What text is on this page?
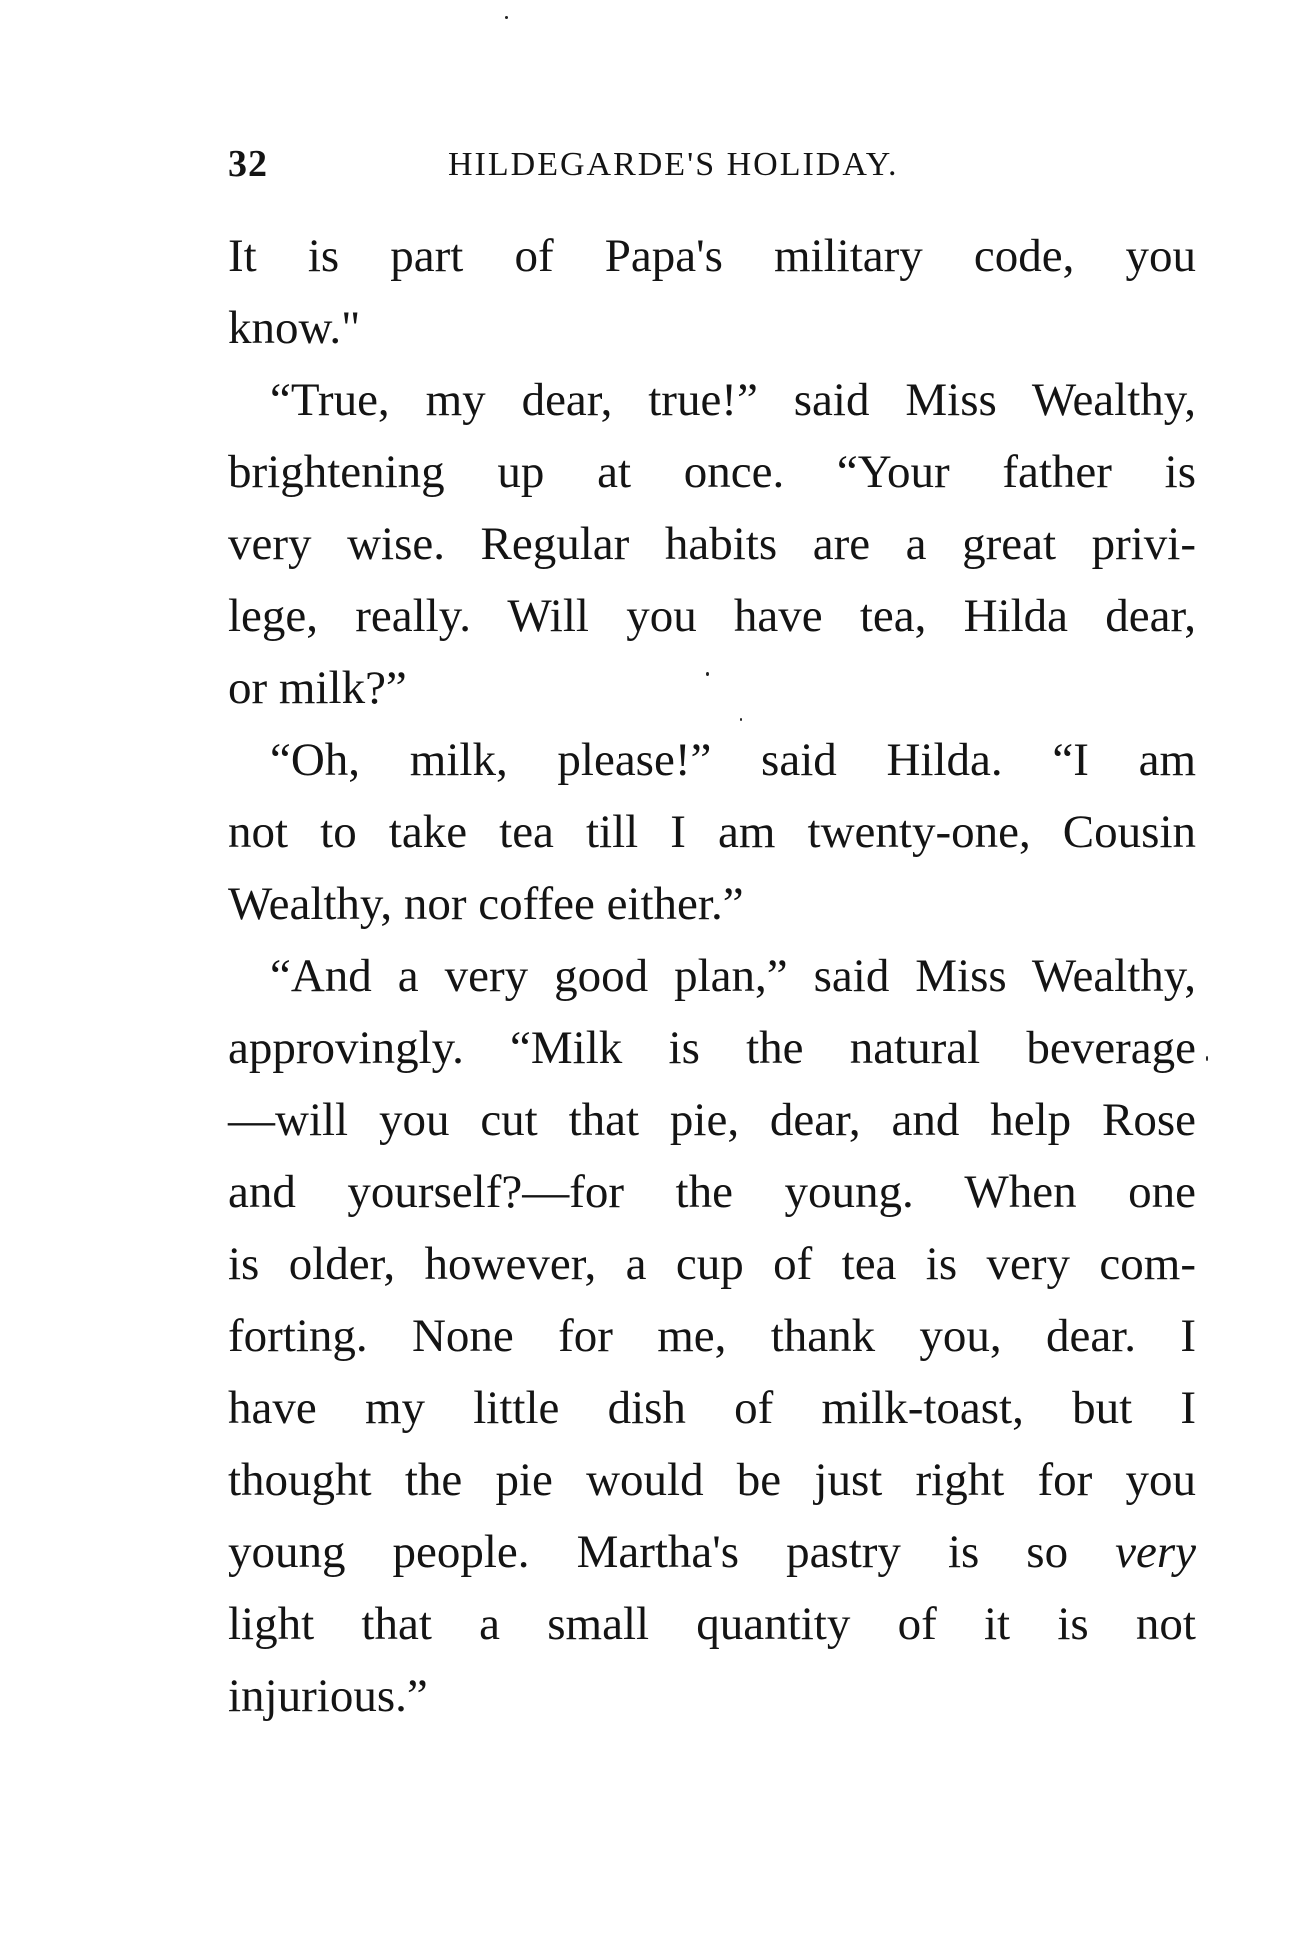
32	HILDEGARDE'S HOLIDAY.
It is part of Papa's military code, you
know."
“True, my dear, true!” said Miss Wealthy,
brightening up at once. “Your father is
very wise. Regular habits are a great privi-
lege, really. Will you have tea, Hilda dear,
or milk?”
“Oh, milk, please!” said Hilda. “I am
not to take tea till I am twenty-one, Cousin
Wealthy, nor coffee either.”
“And a very good plan,” said Miss Wealthy,
approvingly. “Milk is the natural beverage
—will you cut that pie, dear, and help Rose
and yourself?—for the young. When one
is older, however, a cup of tea is very com-
forting. None for me, thank you, dear. I
have my little dish of milk-toast, but I
thought the pie would be just right for you
young people. Martha's pastry is so very
light that a small quantity of it is not
injurious.”
